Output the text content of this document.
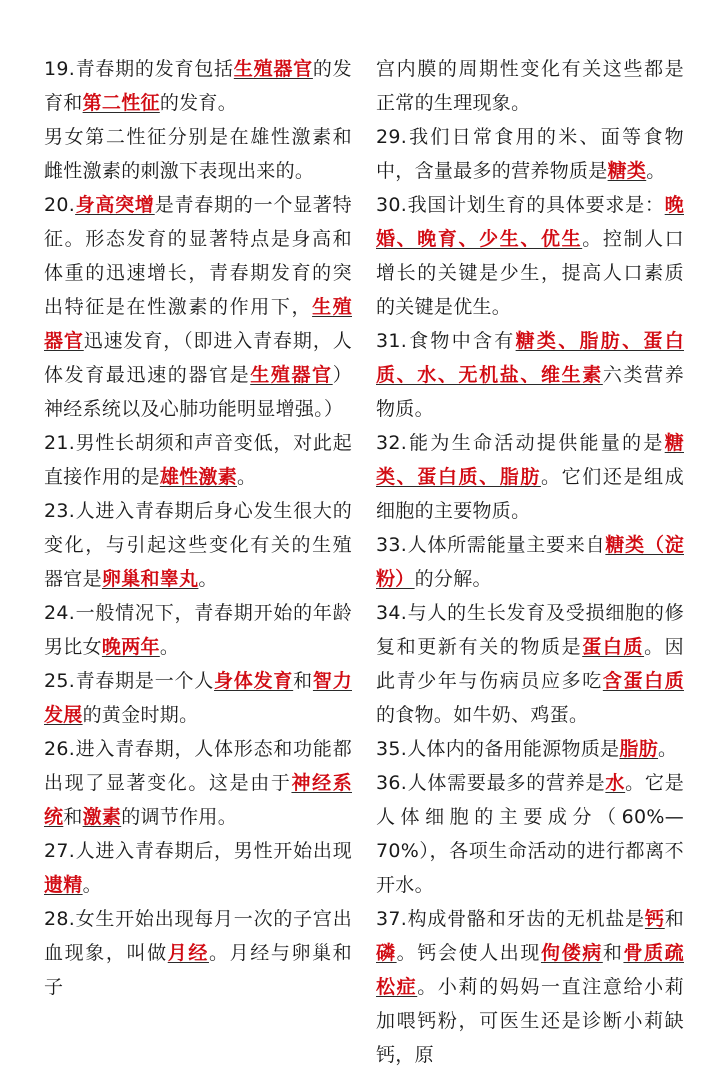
19.青春期的发育包括生殖器官的发育和第二性征的发育。

男女第二性征分别是在雄性激素和雌性激素的刺激下表现出来的。

20.身高突增是青春期的一个显著特征。形态发育的显著特点是身高和体重的迅速增长，青春期发育的突出特征是在性激素的作用下，生殖器官迅速发育，（即进入青春期，人体发育最迅速的器官是生殖器官）神经系统以及心肺功能明显增强。）

21.男性长胡须和声音变低，对此起直接作用的是雄性激素。

23.人进入青春期后身心发生很大的变化，与引起这些变化有关的生殖器官是卵巢和睾丸。

24.一般情况下，青春期开始的年龄男比女晚两年。

25.青春期是一个人身体发育和智力发展的黄金时期。

26.进入青春期，人体形态和功能都出现了显著变化。这是由于神经系统和激素的调节作用。

27.人进入青春期后，男性开始出现遗精。

28.女生开始出现每月一次的子宫出血现象，叫做月经。月经与卵巢和子

宫内膜的周期性变化有关这些都是正常的生理现象。

29.我们日常食用的米、面等食物中，含量最多的营养物质是糖类。

30.我国计划生育的具体要求是：晚婚、晚育、少生、优生。控制人口增长的关键是少生，提高人口素质的关键是优生。

31.食物中含有糖类、脂肪、蛋白质、水、无机盐、维生素六类营养物质。

32.能为生命活动提供能量的是糖类、蛋白质、脂肪。它们还是组成细胞的主要物质。

33.人体所需能量主要来自糖类（淀粉）的分解。

34.与人的生长发育及受损细胞的修复和更新有关的物质是蛋白质。因此青少年与伤病员应多吃含蛋白质的食物。如牛奶、鸡蛋。

35.人体内的备用能源物质是脂肪。

36.人体需要最多的营养是水。它是人体细胞的主要成分（60%—70%），各项生命活动的进行都离不开水。

37.构成骨骼和牙齿的无机盐是钙和磷。钙会使人出现佝偻病和骨质疏松症。小莉的妈妈一直注意给小莉加喂钙粉，可医生还是诊断小莉缺钙，原
